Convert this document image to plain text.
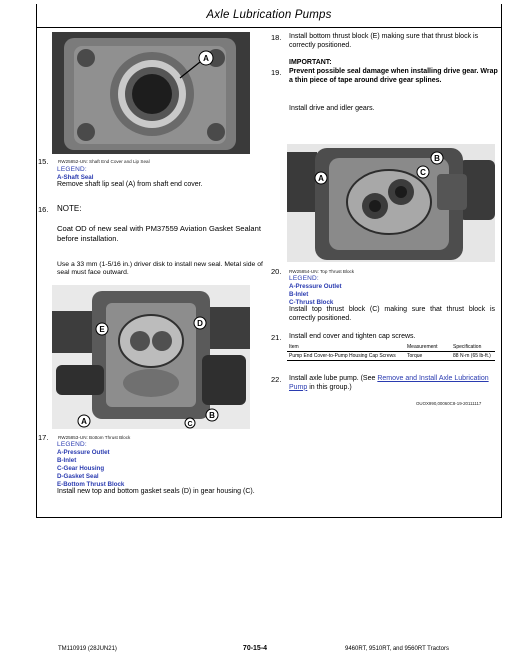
Axle Lubrication Pumps
A
15. RW25852-UN: Shaft End Cover and Lip Seal
LEGEND:
A-Shaft Seal
Remove shaft lip seal (A) from shaft end cover.
16. NOTE:
Coat OD of new seal with PM37559 Aviation Gasket Sealant before installation.
Use a 33 mm (1-5/16 in.) driver disk to install new seal. Metal side of seal must face outward.
E
D
A	C
B
17. RW25853-UN: Bottom Thrust Block
LEGEND:
A-Pressure Outlet
B-Inlet
C-Gear Housing
D-Gasket Seal
E-Bottom Thrust Block
Install new top and bottom gasket seals (D) in gear housing (C).
18. Install bottom thrust block (E) making sure that thrust block is correctly positioned.
IMPORTANT:
19. Prevent possible seal damage when installing drive gear. Wrap a thin piece of tape around drive gear splines.
Install drive and idler gears.
B
C
A
20. RW25854-UN: Top Thrust Block
LEGEND:
A-Pressure Outlet
B-Inlet
C-Thrust Block
Install top thrust block (C) making sure that thrust block is correctly positioned.
21. Install end cover and tighten cap screws.
Item	Measurement	Specification
Pump End Cover-to-Pump Housing Cap Screws	Torque	88 N·m (65 lb-ft.)
22. Install axle lube pump. (See Remove and Install Axle Lubrication Pump in this group.)
OUOX990,00060C8-19-20111117
TM110919 (28JUN21)	70-15-4	9460RT, 9510RT, and 9560RT Tractors
